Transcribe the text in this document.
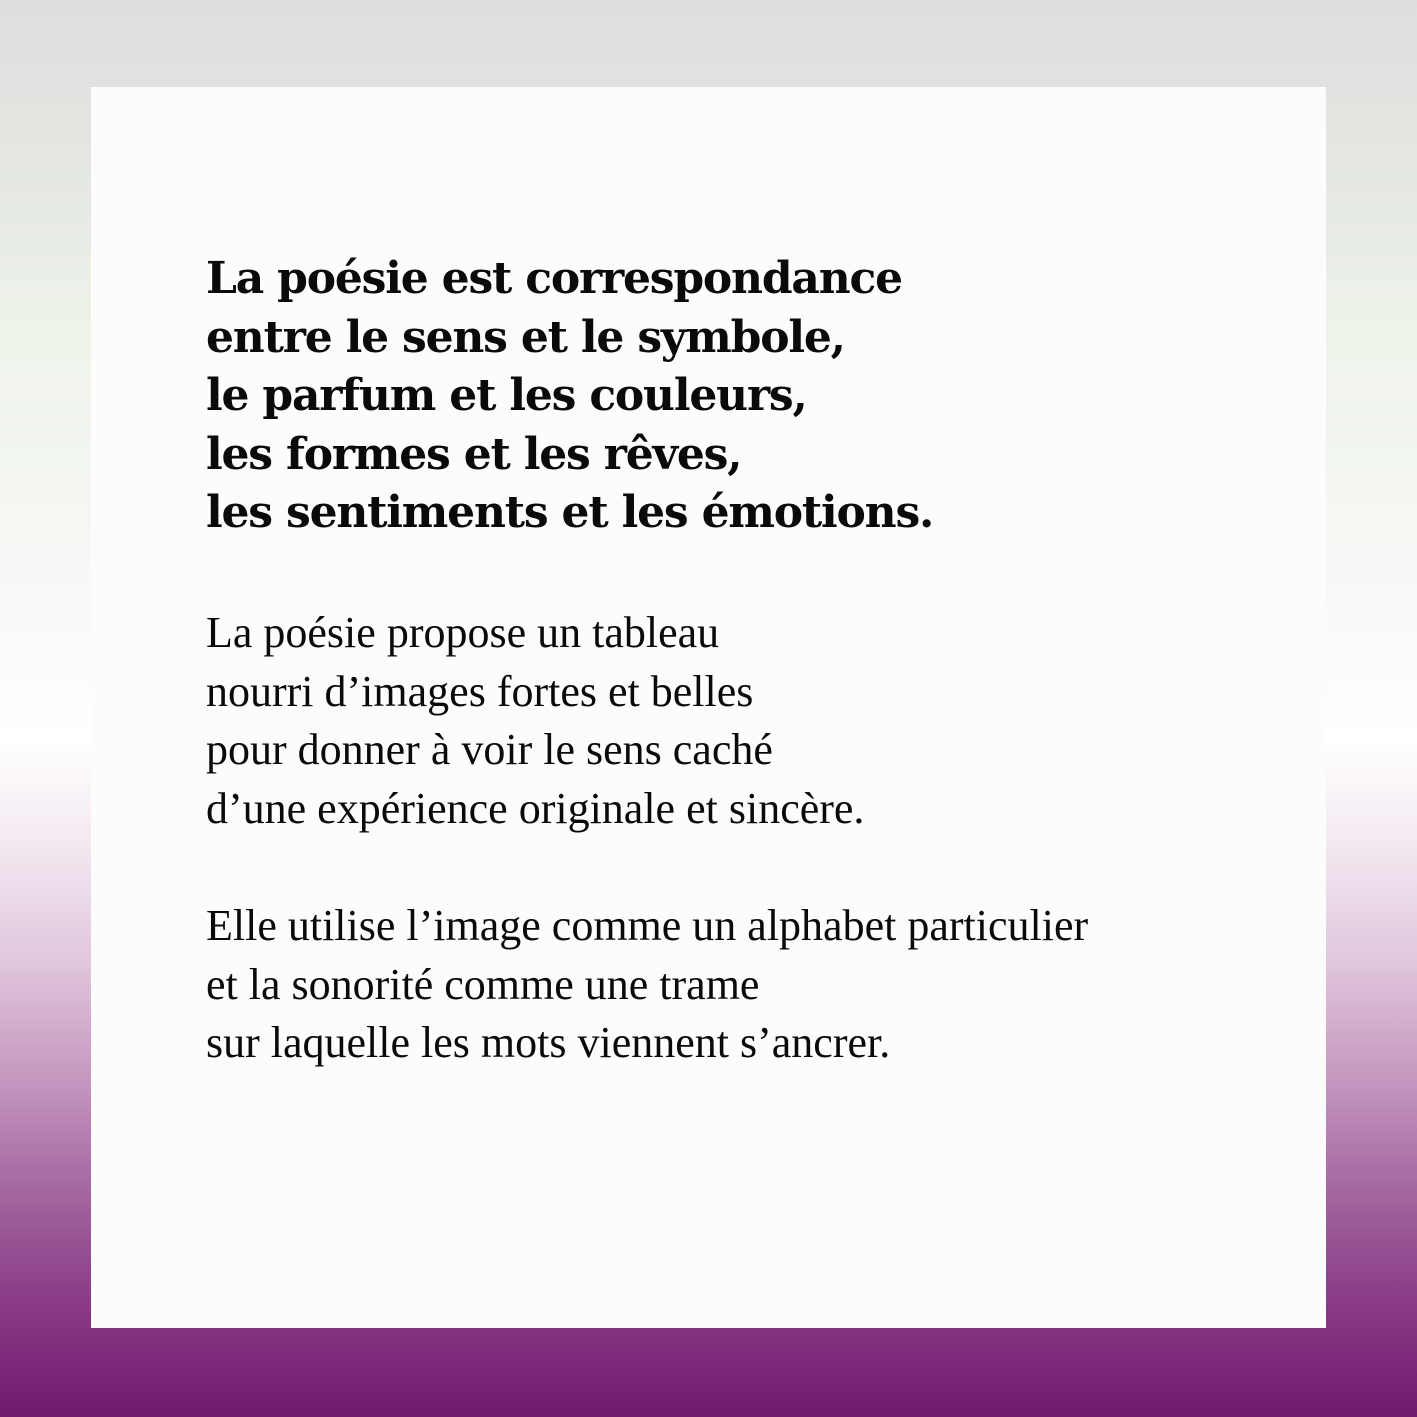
La poésie est correspondance
entre le sens et le symbole,
le parfum et les couleurs,
les formes et les rêves,
les sentiments et les émotions.

La poésie propose un tableau
nourri d’images fortes et belles
pour donner à voir le sens caché
d’une expérience originale et sincère.

Elle utilise l’image comme un alphabet particulier
et la sonorité comme une trame
sur laquelle les mots viennent s’ancrer.
